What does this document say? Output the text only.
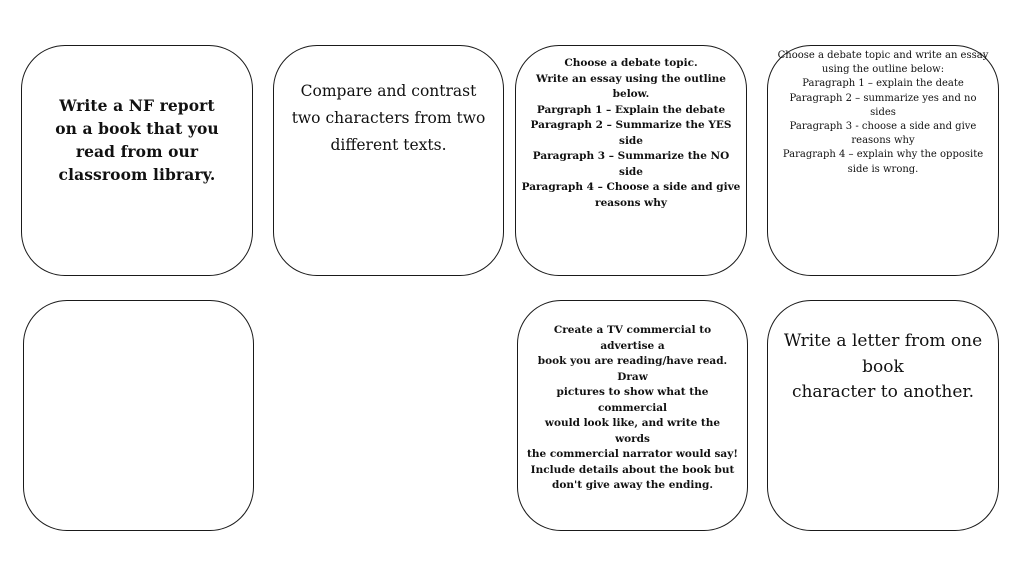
Write a NF report
on a book that you
read from our
classroom library.

Compare and contrast
two characters from two
different texts.

Choose a debate topic.
Write an essay using the outline below.
Pargraph 1 – Explain the debate
Paragraph 2 – Summarize the YES
side
Paragraph 3 – Summarize the NO side
Paragraph 4 – Choose a side and give
reasons why

Choose a debate topic and write an essay
using the outline below:
Paragraph 1 – explain the deate
Paragraph 2 – summarize yes and no
sides
Paragraph 3 - choose a side and give
reasons why
Paragraph 4 – explain why the opposite
side is wrong.

Create a TV commercial to advertise a
book you are reading/have read. Draw
pictures to show what the commercial
would look like, and write the words
the commercial narrator would say!
Include details about the book but
don't give away the ending.

Write a letter from one
book
character to another.
